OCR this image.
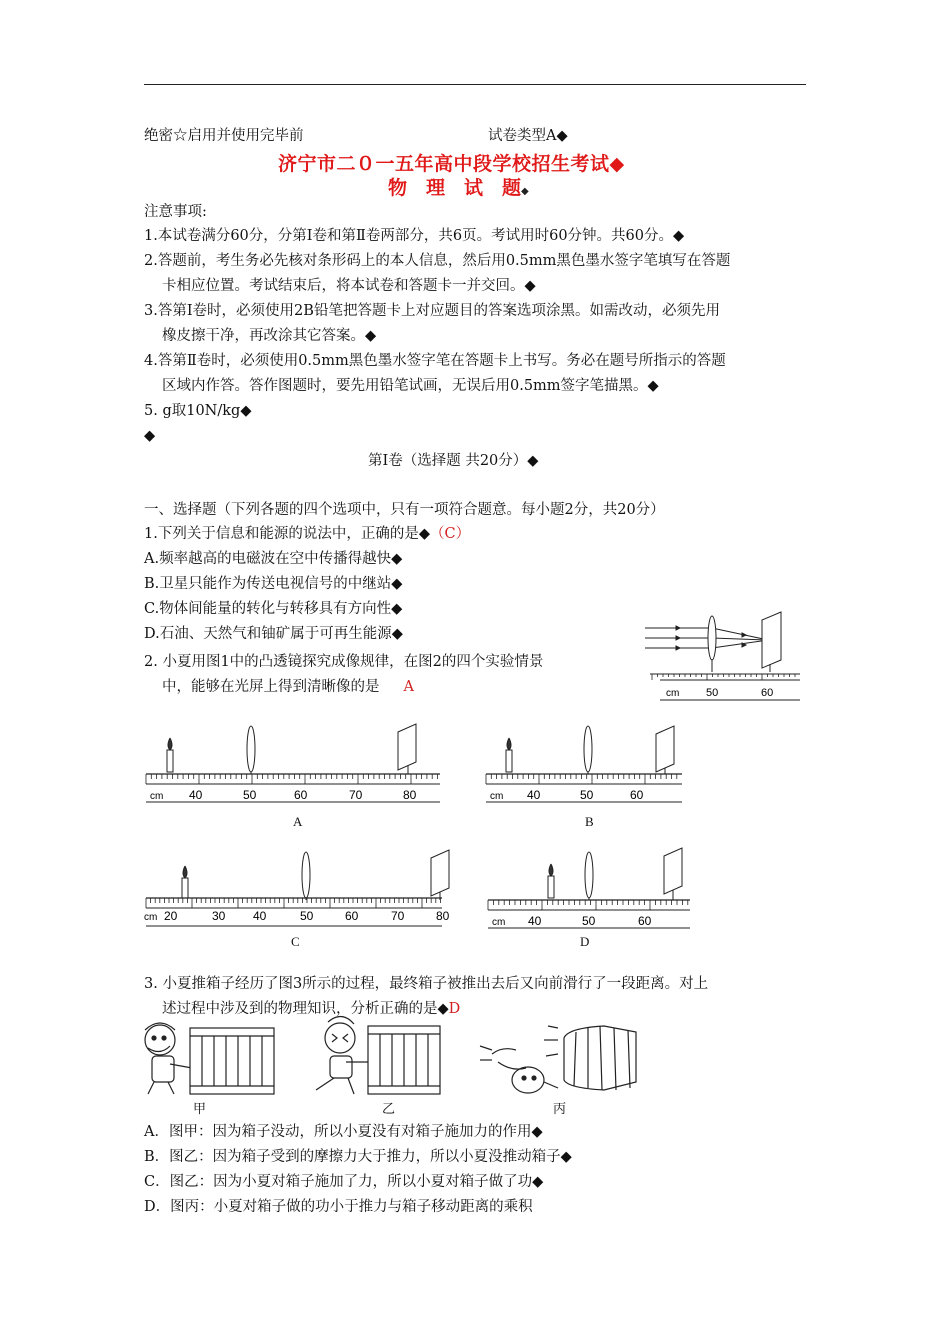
绝密☆启用并使用完毕前	试卷类型A◆
济宁市二０一五年高中段学校招生考试◆
物　理　试　题◆
注意事项:
1.本试卷满分60分，分第Ⅰ卷和第Ⅱ卷两部分，共6页。考试用时60分钟。共60分。◆
2.答题前，考生务必先核对条形码上的本人信息，然后用0.5mm黑色墨水签字笔填写在答题
卡相应位置。考试结束后，将本试卷和答题卡一并交回。◆
3.答第Ⅰ卷时，必须使用2B铅笔把答题卡上对应题目的答案选项涂黑。如需改动，必须先用
橡皮擦干净，再改涂其它答案。◆
4.答第Ⅱ卷时，必须使用0.5mm黑色墨水签字笔在答题卡上书写。务必在题号所指示的答题
区域内作答。答作图题时，要先用铅笔试画，无误后用0.5mm签字笔描黑。◆
5. g取10N/kg◆
◆
第Ⅰ卷（选择题 共20分）◆
一、选择题（下列各题的四个选项中，只有一项符合题意。每小题2分，共20分）
1.下列关于信息和能源的说法中，正确的是◆（C）
A.频率越高的电磁波在空中传播得越快◆
B.卫星只能作为传送电视信号的中继站◆
C.物体间能量的转化与转移具有方向性◆
D.石油、天然气和铀矿属于可再生能源◆
2. 小夏用图1中的凸透镜探究成像规律，在图2的四个实验情景
中，能够在光屏上得到清晰像的是 A	cm 50	60
cm 40	50	60	70	80
A
cm 40	50	60
B
cm 20	30 40	50	60	70	80
C
cm 40	50	60
D
3. 小夏推箱子经历了图3所示的过程，最终箱子被推出去后又向前滑行了一段距离。对上
述过程中涉及到的物理知识，分析正确的是◆D
甲	乙	丙
A．图甲：因为箱子没动，所以小夏没有对箱子施加力的作用◆
B．图乙：因为箱子受到的摩擦力大于推力，所以小夏没推动箱子◆
C．图乙：因为小夏对箱子施加了力，所以小夏对箱子做了功◆
D．图丙：小夏对箱子做的功小于推力与箱子移动距离的乘积
